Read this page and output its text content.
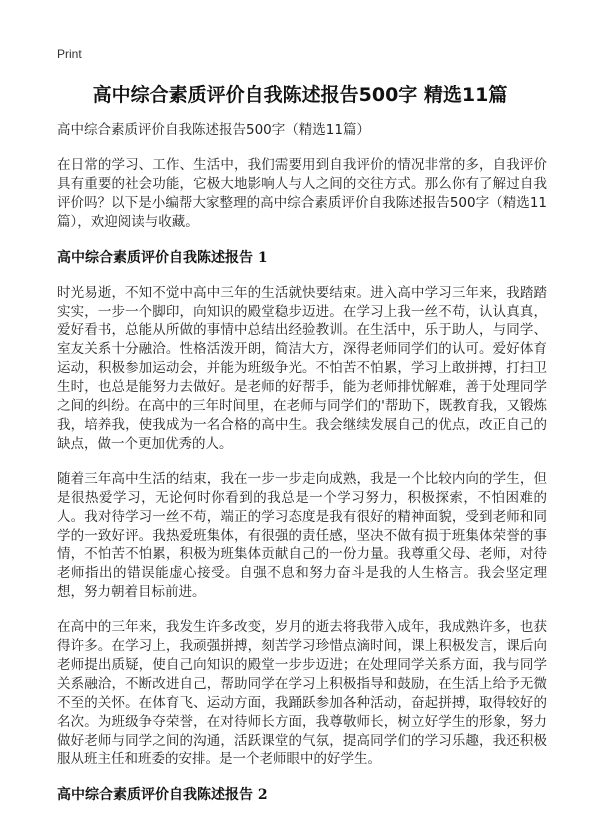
Print
高中综合素质评价自我陈述报告500字 精选11篇

高中综合素质评价自我陈述报告500字（精选11篇）

在日常的学习、工作、生活中，我们需要用到自我评价的情况非常的多，自我评价具有重要的社会功能，它极大地影响人与人之间的交往方式。那么你有了解过自我评价吗？以下是小编帮大家整理的高中综合素质评价自我陈述报告500字（精选11篇），欢迎阅读与收藏。

高中综合素质评价自我陈述报告 1

时光易逝，不知不觉中高中三年的生活就快要结束。进入高中学习三年来，我踏踏实实，一步一个脚印，向知识的殿堂稳步迈进。在学习上我一丝不苟，认认真真，爱好看书，总能从所做的事情中总结出经验教训。在生活中，乐于助人，与同学、室友关系十分融洽。性格活泼开朗，简洁大方，深得老师同学们的认可。爱好体育运动，积极参加运动会，并能为班级争光。不怕苦不怕累，学习上敢拼搏，打扫卫生时，也总是能努力去做好。是老师的好帮手，能为老师排忧解难，善于处理同学之间的纠纷。在高中的三年时间里，在老师与同学们的'帮助下，既教育我，又锻炼我，培养我，使我成为一名合格的高中生。我会继续发展自己的优点，改正自己的缺点，做一个更加优秀的人。

随着三年高中生活的结束，我在一步一步走向成熟，我是一个比较内向的学生，但是很热爱学习，无论何时你看到的我总是一个学习努力，积极探索，不怕困难的人。我对待学习一丝不苟，端正的学习态度是我有很好的精神面貌，受到老师和同学的一致好评。我热爱班集体，有很强的责任感，坚决不做有损于班集体荣誉的事情，不怕苦不怕累，积极为班集体贡献自己的一份力量。我尊重父母、老师，对待老师指出的错误能虚心接受。自强不息和努力奋斗是我的人生格言。我会坚定理想，努力朝着目标前进。

在高中的三年来，我发生许多改变，岁月的逝去将我带入成年，我成熟许多，也获得许多。在学习上，我顽强拼搏，刻苦学习珍惜点滴时间，课上积极发言，课后向老师提出质疑，使自己向知识的殿堂一步步迈进；在处理同学关系方面，我与同学关系融洽，不断改进自己，帮助同学在学习上积极指导和鼓励，在生活上给予无微不至的关怀。在体育飞、运动方面，我踊跃参加各种活动，奋起拼搏，取得较好的名次。为班级争夺荣誉，在对待师长方面，我尊敬师长，树立好学生的形象，努力做好老师与同学之间的沟通，活跃课堂的气氛，提高同学们的学习乐趣，我还积极服从班主任和班委的安排。是一个老师眼中的好学生。

高中综合素质评价自我陈述报告 2
